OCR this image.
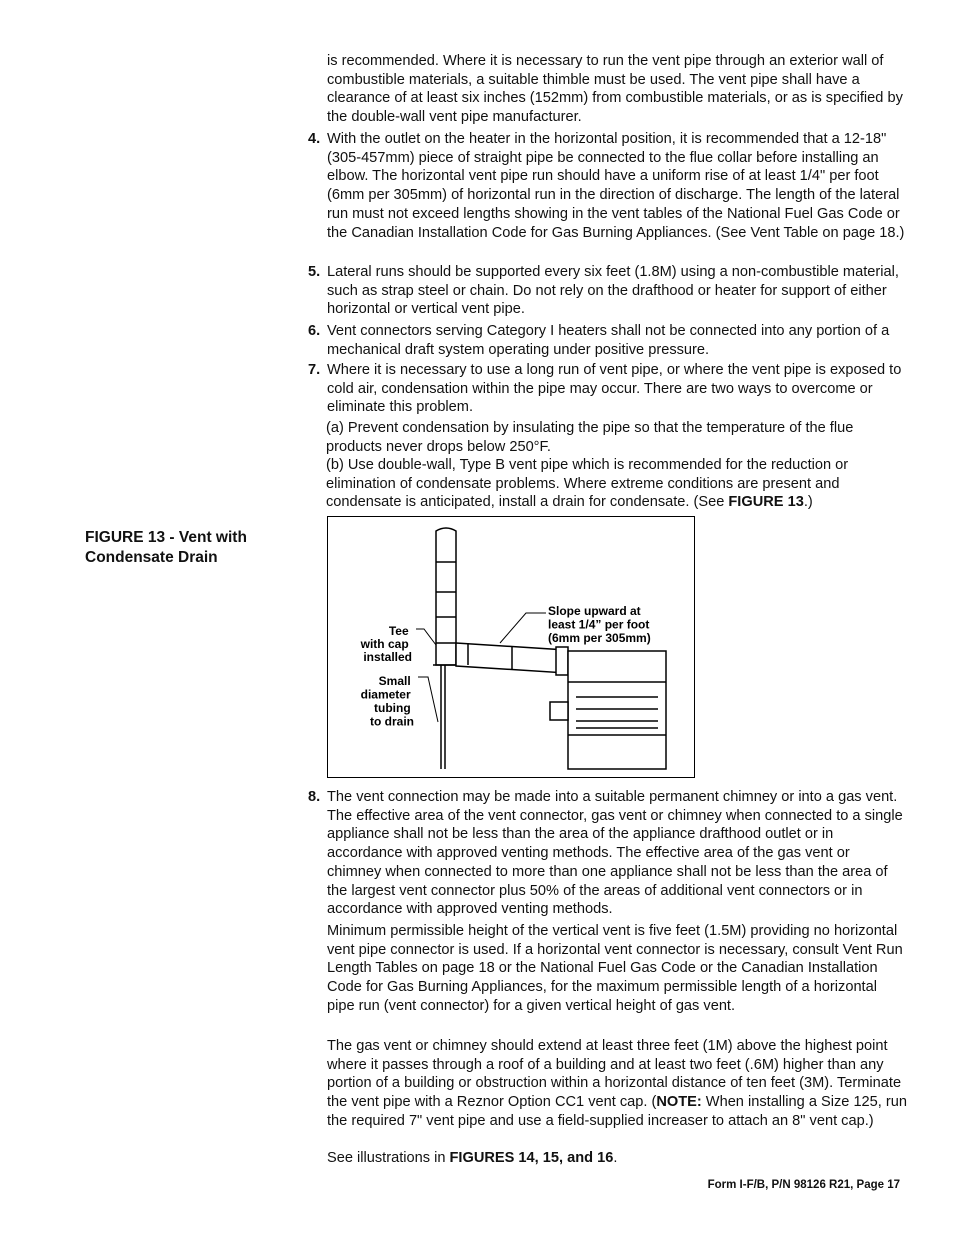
is recommended. Where it is necessary to run the vent pipe through an exterior wall of combustible materials, a suitable thimble must be used. The vent pipe shall have a clearance of at least six inches (152mm) from combustible materials, or as is specified by the double-wall vent pipe manufacturer.
4. With the outlet on the heater in the horizontal position, it is recommended that a 12-18" (305-457mm) piece of straight pipe be connected to the flue collar before installing an elbow. The horizontal vent pipe run should have a uniform rise of at least 1/4" per foot (6mm per 305mm) of horizontal run in the direction of discharge. The length of the lateral run must not exceed lengths showing in the vent tables of the National Fuel Gas Code or the Canadian Installation Code for Gas Burning Appliances. (See Vent Table on page 18.)
5. Lateral runs should be supported every six feet (1.8M) using a non-combustible material, such as strap steel or chain. Do not rely on the drafthood or heater for support of either horizontal or vertical vent pipe.
6. Vent connectors serving Category I heaters shall not be connected into any portion of a mechanical draft system operating under positive pressure.
7. Where it is necessary to use a long run of vent pipe, or where the vent pipe is exposed to cold air, condensation within the pipe may occur. There are two ways to overcome or eliminate this problem.
(a) Prevent condensation by insulating the pipe so that the temperature of the flue products never drops below 250°F.
(b) Use double-wall, Type B vent pipe which is recommended for the reduction or elimination of condensate problems. Where extreme conditions are present and condensate is anticipated, install a drain for condensate. (See FIGURE 13.)
FIGURE 13 - Vent with
Condensate Drain
Tee with cap installed
Small diameter tubing to drain
Slope upward at least 1/4” per foot (6mm per 305mm)
8. The vent connection may be made into a suitable permanent chimney or into a gas vent. The effective area of the vent connector, gas vent or chimney when connected to a single appliance shall not be less than the area of the appliance drafthood outlet or in accordance with approved venting methods. The effective area of the gas vent or chimney when connected to more than one appliance shall not be less than the area of the largest vent connector plus 50% of the areas of additional vent connectors or in accordance with approved venting methods.
Minimum permissible height of the vertical vent is five feet (1.5M) providing no horizontal vent pipe connector is used. If a horizontal vent connector is necessary, consult Vent Run Length Tables on page 18 or the National Fuel Gas Code or the Canadian Installation Code for Gas Burning Appliances, for the maximum permissible length of a horizontal pipe run (vent connector) for a given vertical height of gas vent.
The gas vent or chimney should extend at least three feet (1M) above the highest point where it passes through a roof of a building and at least two feet (.6M) higher than any portion of a building or obstruction within a horizontal distance of ten feet (3M). Terminate the vent pipe with a Reznor Option CC1 vent cap. (NOTE: When installing a Size 125, run the required 7" vent pipe and use a field-supplied increaser to attach an 8" vent cap.)
See illustrations in FIGURES 14, 15, and 16.
Form I-F/B, P/N 98126 R21, Page 17
